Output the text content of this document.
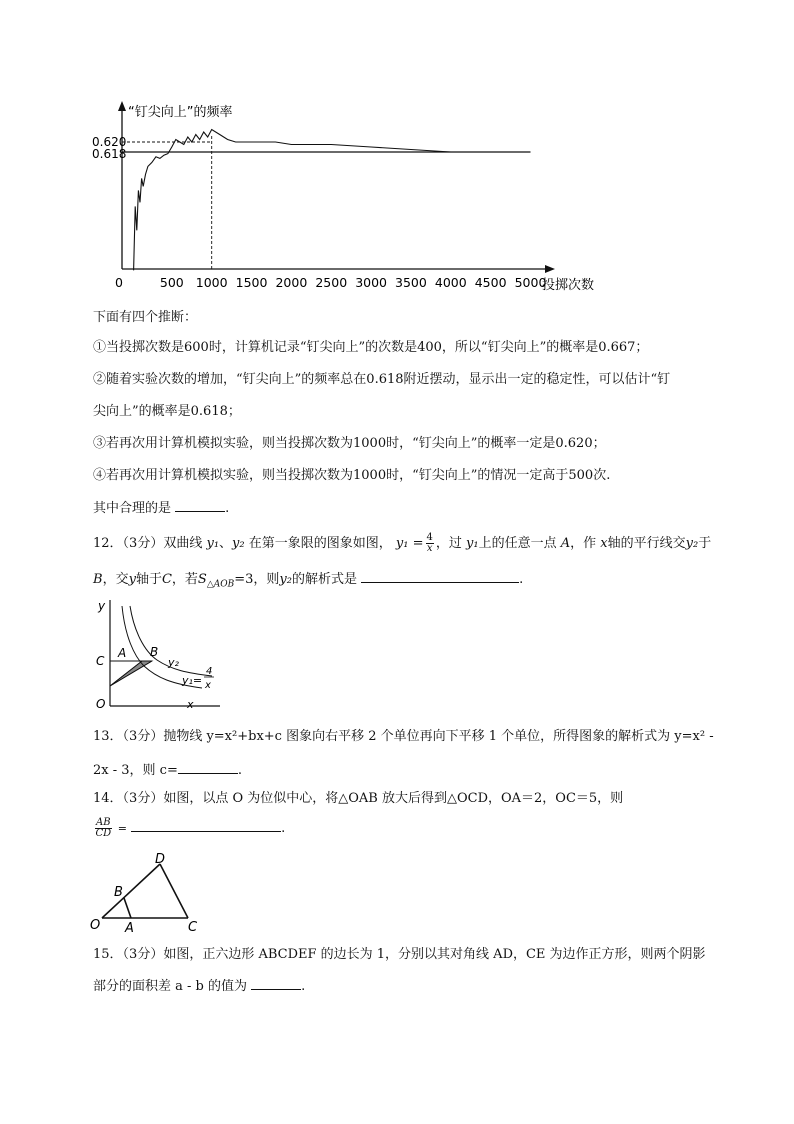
“钉尖向上”的频率
投掷次数
0	500 1000 1500 2000 2500 3000 3500 4000 4500 5000
0.620
0.618
下面有四个推断：
①当投掷次数是600时，计算机记录“钉尖向上”的次数是400，所以“钉尖向上”的概率是0.667；
②随着实验次数的增加，“钉尖向上”的频率总在0.618附近摆动，显示出一定的稳定性，可以估计“钉
尖向上”的概率是0.618；
③若再次用计算机模拟实验，则当投掷次数为1000时，“钉尖向上”的概率一定是0.620；
④若再次用计算机模拟实验，则当投掷次数为1000时，“钉尖向上”的情况一定高于500次.
其中合理的是	.
12．（3分）双曲线 y₁、y₂ 在第一象限的图象如图， $y_1 = \frac{4}{x}$ ，过 y₁上的任意一点 A，作 x轴的平行线交y₂于
B，交y轴于C，若$S_{\triangle AOB}=3$，则y₂的解析式是	.
y
C
A B
y₂
y₁=
4
x
O	x
13．（3分）抛物线 y=x²+bx+c 图象向右平移 2 个单位再向下平移 1 个单位，所得图象的解析式为 y=x² -
2x - 3，则 c=	.
14．（3分）如图，以点 O 为位似中心，将△OAB 放大后得到△OCD，OA＝2，OC＝5，则
$\frac{AB}{CD}$ =	.
O A
B
C
D
15．（3分）如图，正六边形 ABCDEF 的边长为 1，分别以其对角线 AD，CE 为边作正方形，则两个阴影
部分的面积差 a - b 的值为	.
